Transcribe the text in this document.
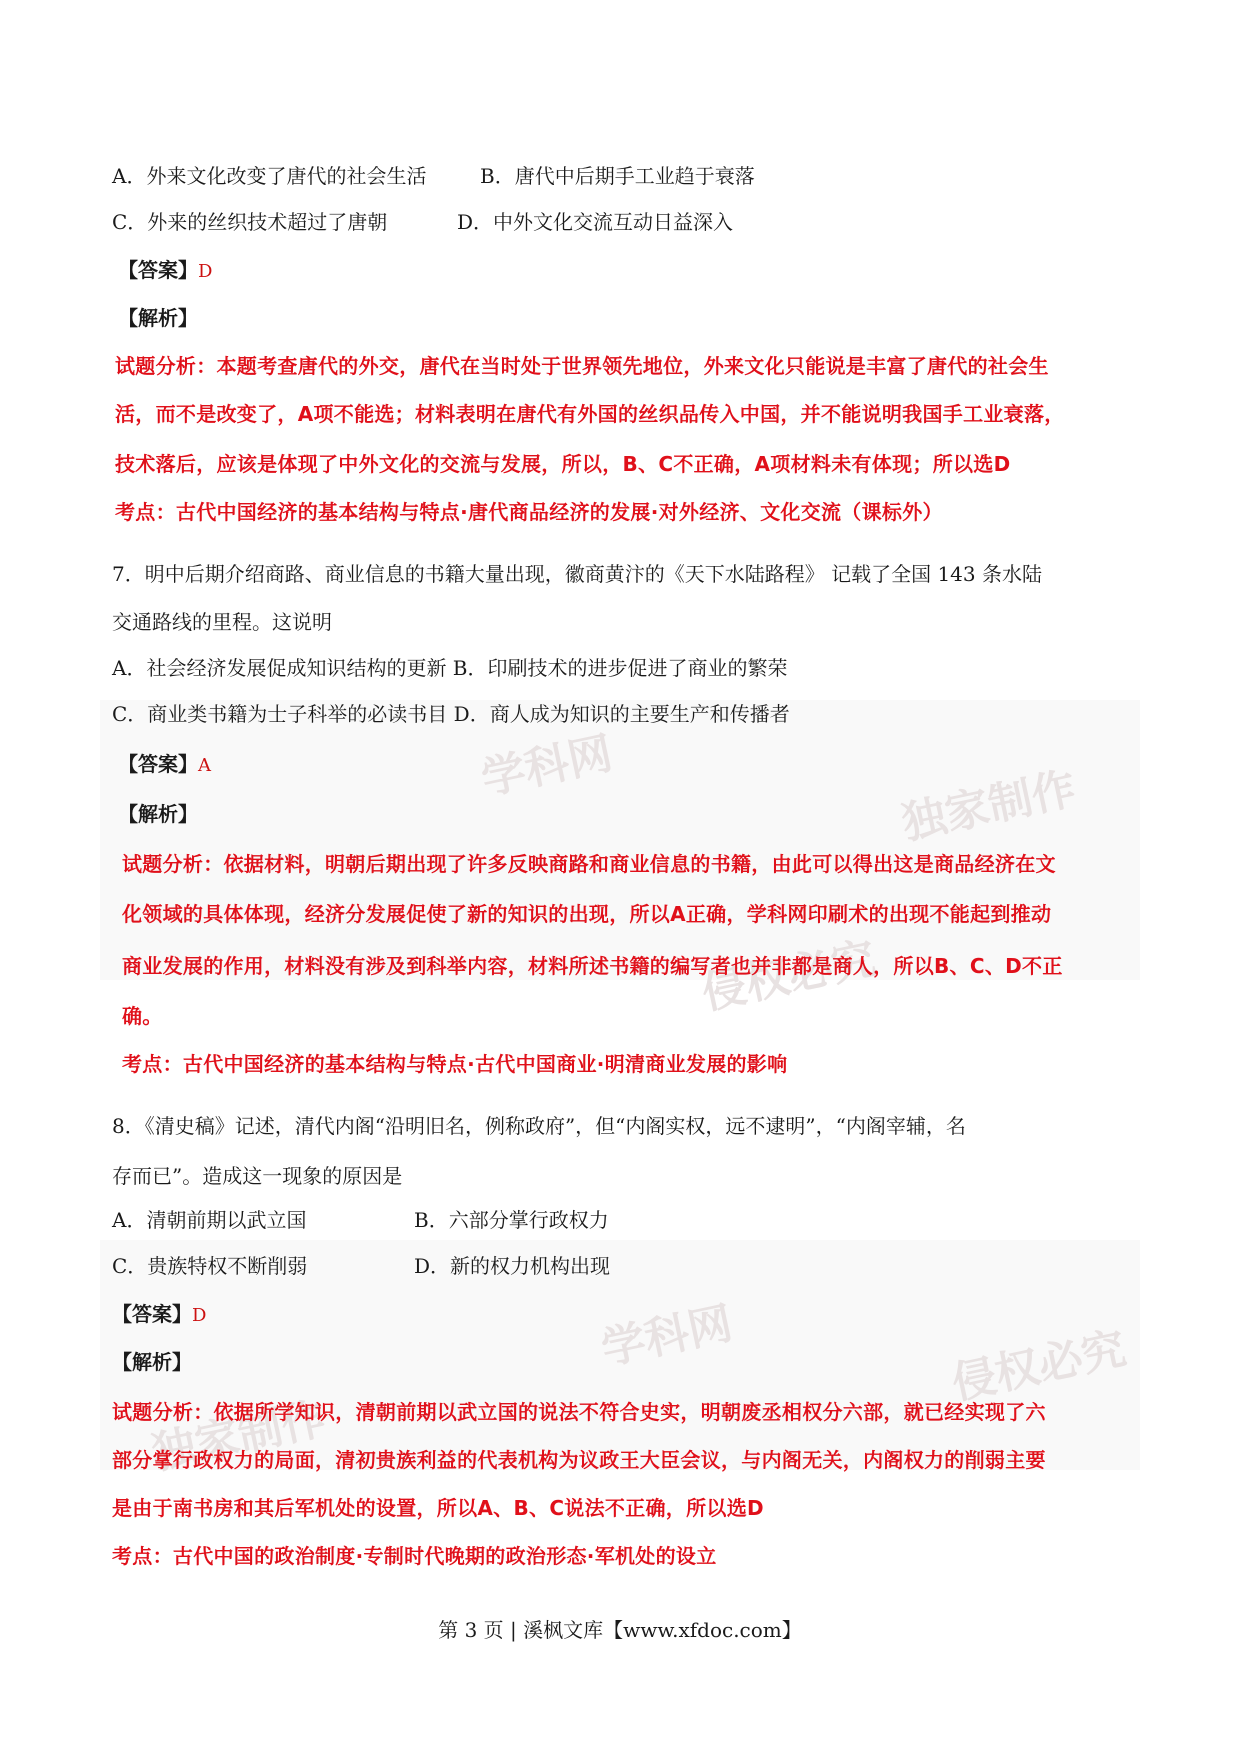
学科网	独家制作
侵权必究
学科网	侵权必究
独家制作
A．外来文化改变了唐代的社会生活	B．唐代中后期手工业趋于衰落
C．外来的丝织技术超过了唐朝	D．中外文化交流互动日益深入
【答案】D
【解析】
试题分析：本题考查唐代的外交，唐代在当时处于世界领先地位，外来文化只能说是丰富了唐代的社会生
活，而不是改变了，A项不能选；材料表明在唐代有外国的丝织品传入中国，并不能说明我国手工业衰落，
技术落后，应该是体现了中外文化的交流与发展，所以，B、C不正确，A项材料未有体现；所以选D
考点：古代中国经济的基本结构与特点·唐代商品经济的发展·对外经济、文化交流（课标外）
7．明中后期介绍商路、商业信息的书籍大量出现，徽商黄汴的《天下水陆路程》 记载了全国 143 条水陆
交通路线的里程。这说明
A．社会经济发展促成知识结构的更新 B．印刷技术的进步促进了商业的繁荣
C．商业类书籍为士子科举的必读书目 D．商人成为知识的主要生产和传播者
【答案】A
【解析】
试题分析：依据材料，明朝后期出现了许多反映商路和商业信息的书籍，由此可以得出这是商品经济在文
化领域的具体体现，经济分发展促使了新的知识的出现，所以A正确，学科网印刷术的出现不能起到推动
商业发展的作用，材料没有涉及到科举内容，材料所述书籍的编写者也并非都是商人，所以B、C、D不正
确。
考点：古代中国经济的基本结构与特点·古代中国商业·明清商业发展的影响
8．《清史稿》记述，清代内阁“沿明旧名，例称政府”，但“内阁实权，远不逮明”，“内阁宰辅，名
存而已”。造成这一现象的原因是
A．清朝前期以武立国	B．六部分掌行政权力
C．贵族特权不断削弱	D．新的权力机构出现
【答案】D
【解析】
试题分析：依据所学知识，清朝前期以武立国的说法不符合史实，明朝废丞相权分六部，就已经实现了六
部分掌行政权力的局面，清初贵族利益的代表机构为议政王大臣会议，与内阁无关，内阁权力的削弱主要
是由于南书房和其后军机处的设置，所以A、B、C说法不正确，所以选D
考点：古代中国的政治制度·专制时代晚期的政治形态·军机处的设立
第 3 页 | 溪枫文库【www.xfdoc.com】
